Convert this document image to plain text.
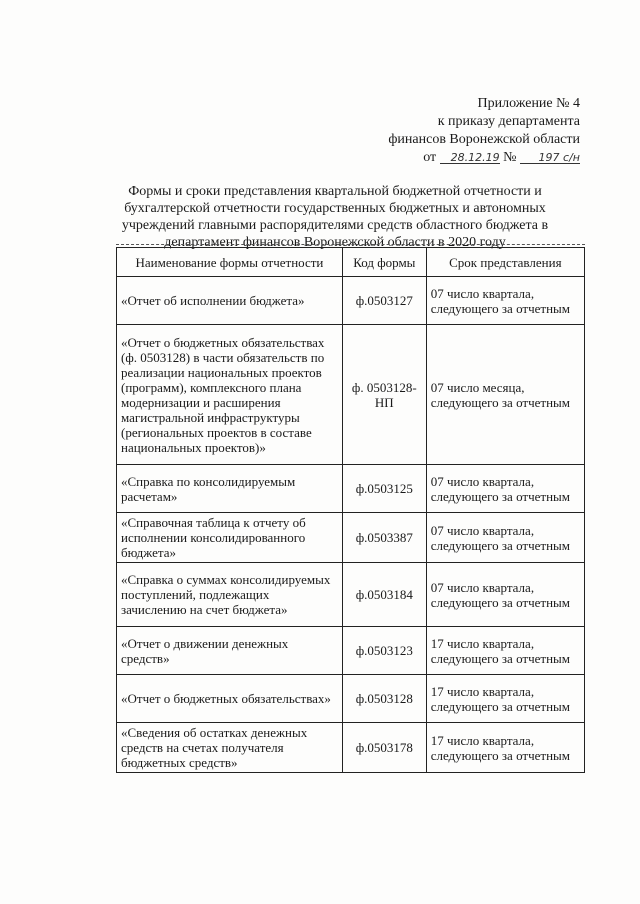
Приложение № 4
к приказу департамента
финансов Воронежской области
от 28.12.19 № 197 с/н
Формы и сроки представления квартальной бюджетной отчетности и
бухгалтерской отчетности государственных бюджетных и автономных
учреждений главными распорядителями средств областного бюджета в
департамент финансов Воронежской области в 2020 году
Наименование формы отчетности	Код формы	Срок представления
«Отчет об исполнении бюджета»	ф.0503127	07 число квартала, следующего за отчетным
«Отчет о бюджетных обязательствах (ф. 0503128) в части обязательств по реализации национальных проектов (программ), комплексного плана модернизации и расширения магистральной инфраструктуры (региональных проектов в составе национальных проектов)»	ф. 0503128-НП	07 число месяца, следующего за отчетным
«Справка по консолидируемым расчетам»	ф.0503125	07 число квартала, следующего за отчетным
«Справочная таблица к отчету об исполнении консолидированного бюджета»	ф.0503387	07 число квартала, следующего за отчетным
«Справка о суммах консолидируемых поступлений, подлежащих зачислению на счет бюджета»	ф.0503184	07 число квартала, следующего за отчетным
«Отчет о движении денежных средств»	ф.0503123	17 число квартала, следующего за отчетным
«Отчет о бюджетных обязательствах»	ф.0503128	17 число квартала, следующего за отчетным
«Сведения об остатках денежных средств на счетах получателя бюджетных средств»	ф.0503178	17 число квартала, следующего за отчетным
